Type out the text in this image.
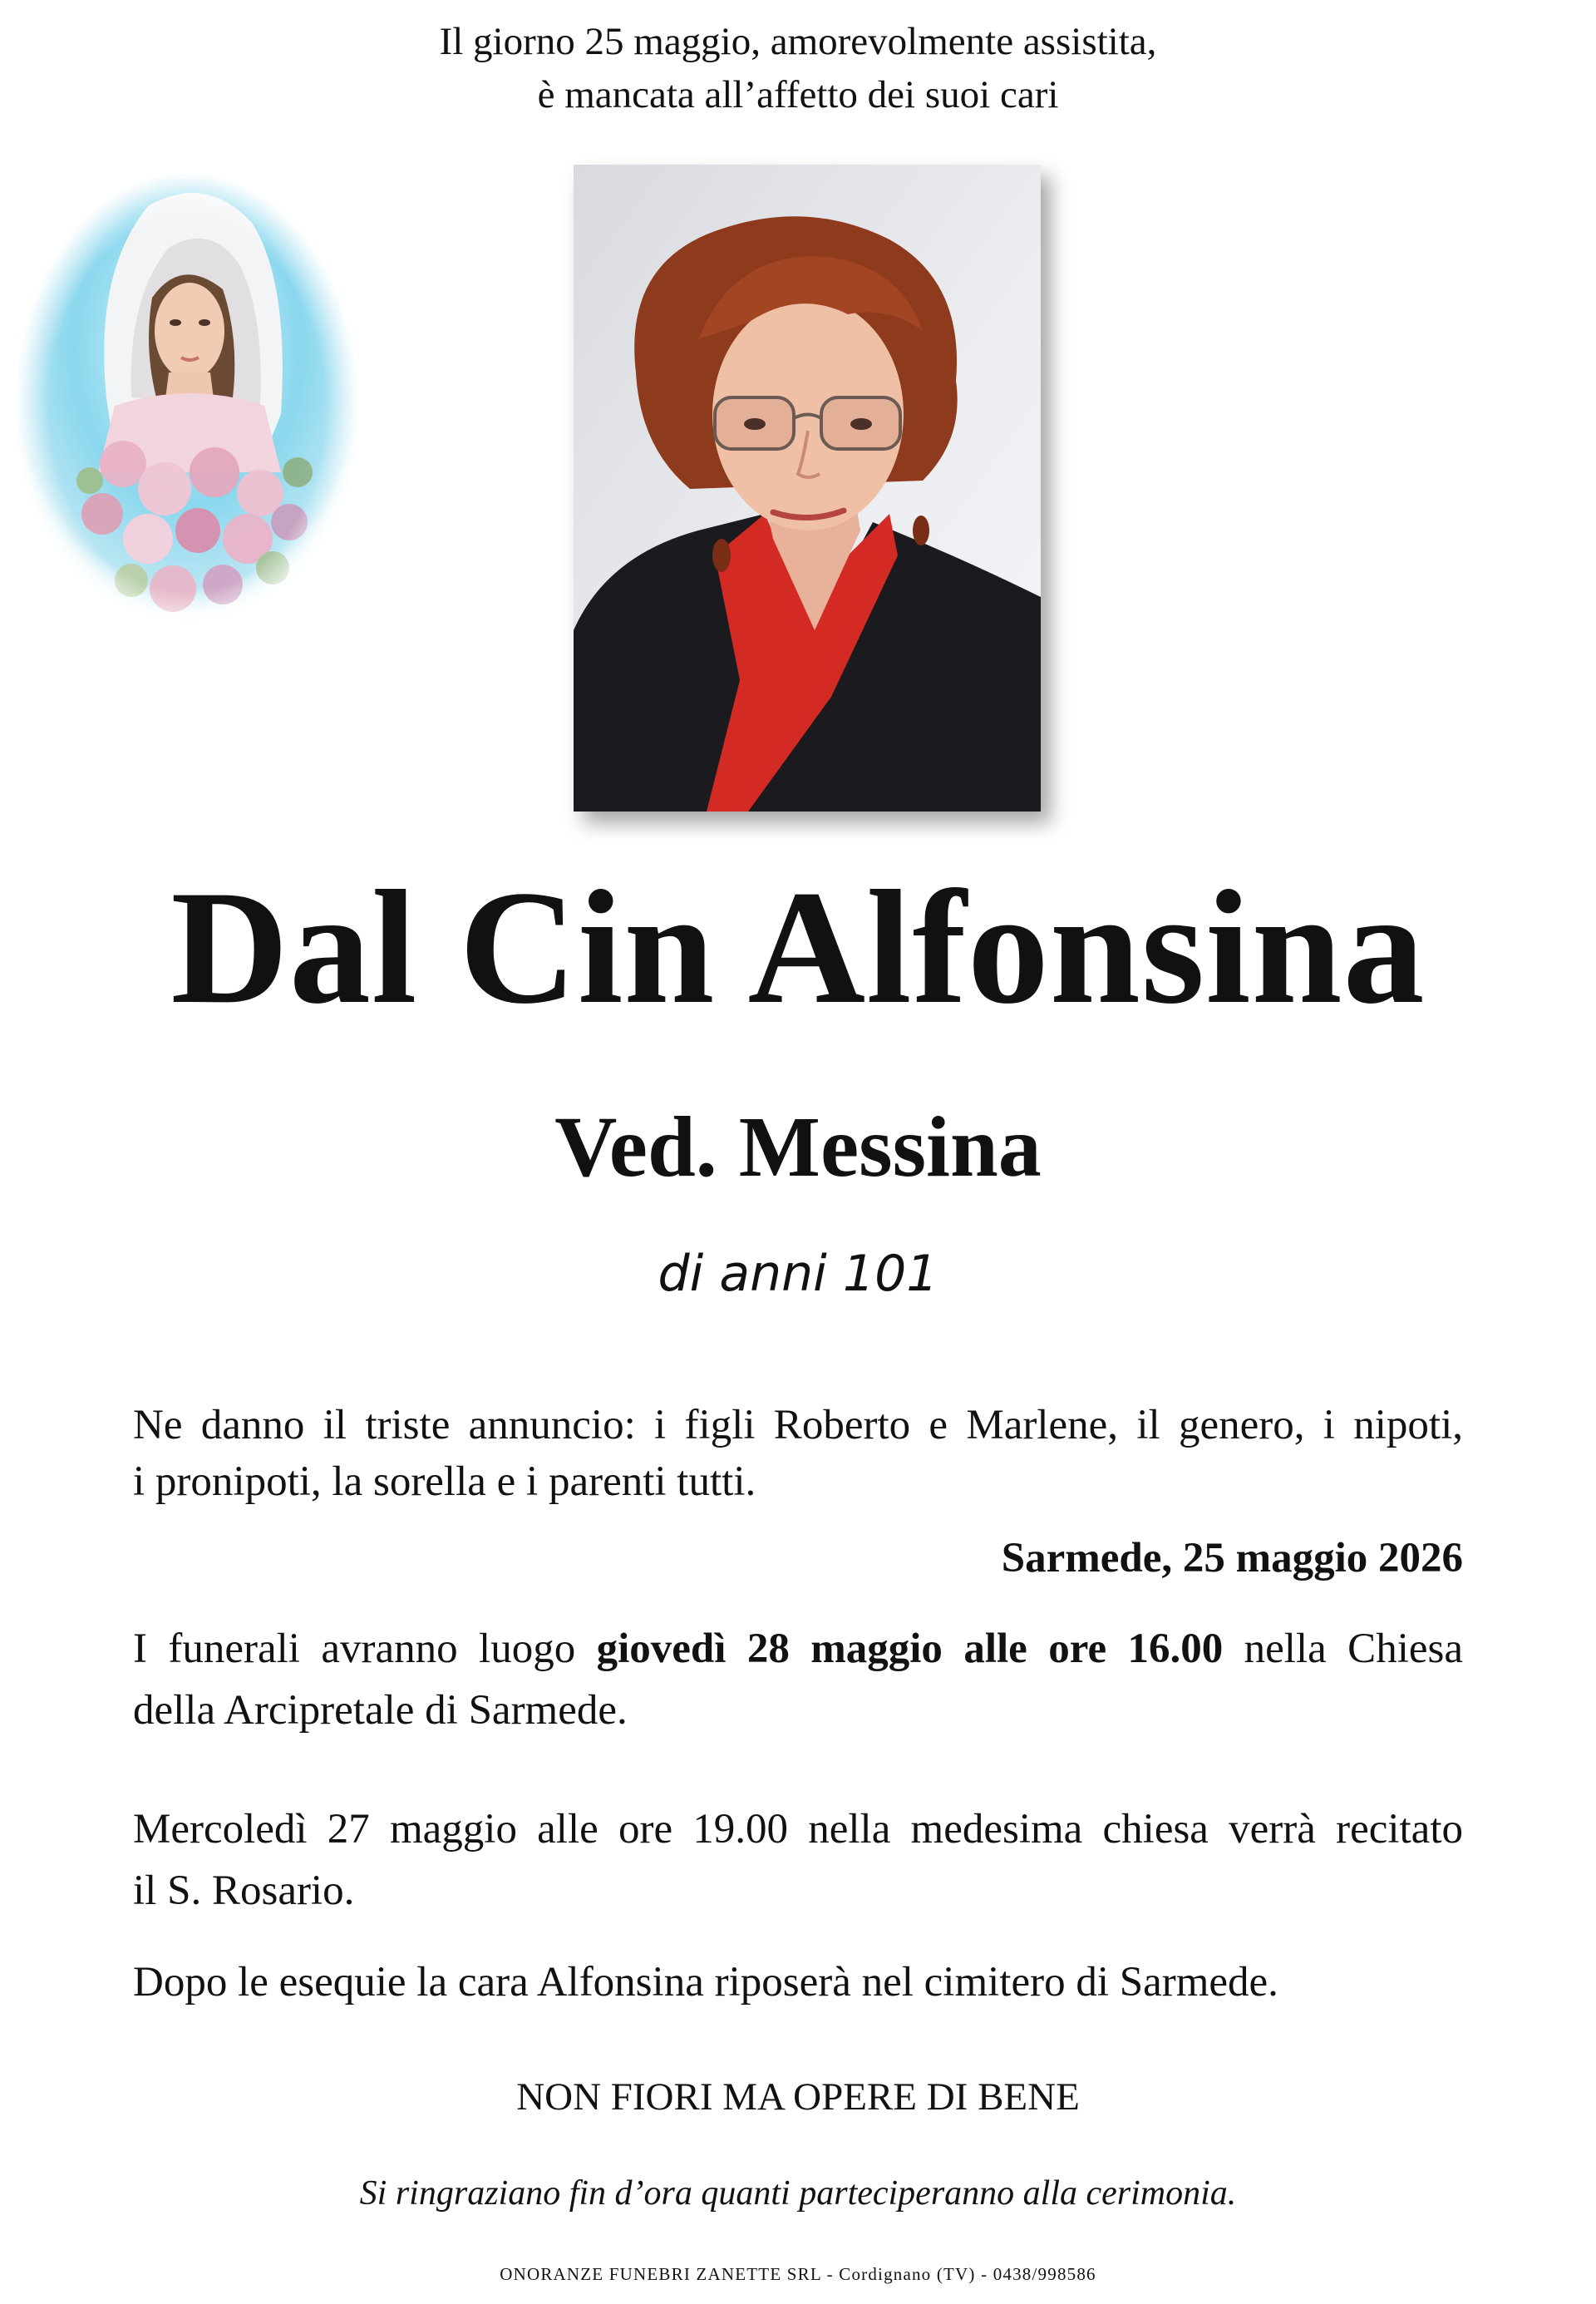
Il giorno 25 maggio, amorevolmente assistita,
è mancata all’affetto dei suoi cari
Dal Cin Alfonsina
Ved. Messina
di anni 101
Ne danno il triste annuncio: i figli Roberto e Marlene, il genero, i nipoti,
i pronipoti, la sorella e i parenti tutti.
Sarmede, 25 maggio 2026
I funerali avranno luogo giovedì 28 maggio alle ore 16.00 nella Chiesa
della Arcipretale di Sarmede.
Mercoledì 27 maggio alle ore 19.00 nella medesima chiesa verrà recitato
il S. Rosario.
Dopo le esequie la cara Alfonsina riposerà nel cimitero di Sarmede.
NON FIORI MA OPERE DI BENE
Si ringraziano fin d’ora quanti parteciperanno alla cerimonia.
ONORANZE FUNEBRI ZANETTE SRL - Cordignano (TV) - 0438/998586
